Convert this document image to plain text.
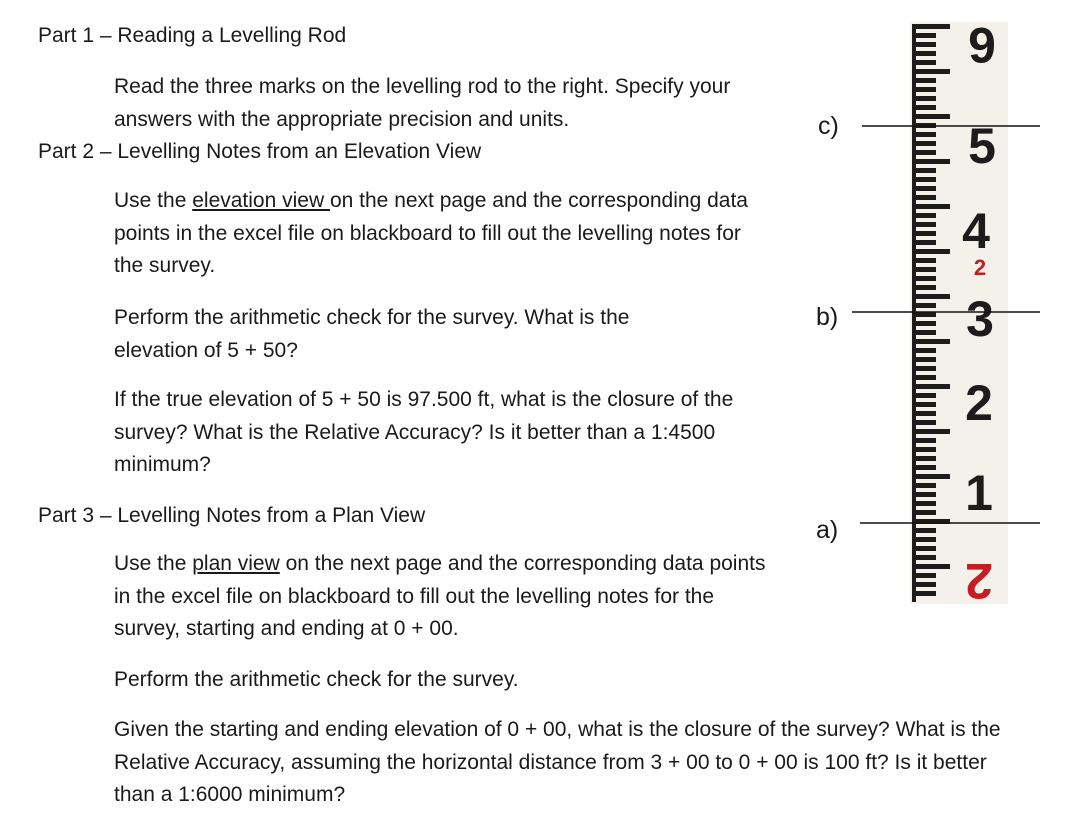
Part 1 – Reading a Levelling Rod
Read the three marks on the levelling rod to the right. Specify your answers with the appropriate precision and units.
Part 2 – Levelling Notes from an Elevation View
Use the elevation view on the next page and the corresponding data points in the excel file on blackboard to fill out the levelling notes for the survey.
Perform the arithmetic check for the survey. What is the elevation of 5 + 50?
If the true elevation of 5 + 50 is 97.500 ft, what is the closure of the survey? What is the Relative Accuracy? Is it better than a 1:4500 minimum?
Part 3 – Levelling Notes from a Plan View
Use the plan view on the next page and the corresponding data points in the excel file on blackboard to fill out the levelling notes for the survey, starting and ending at 0 + 00.
Perform the arithmetic check for the survey.
Given the starting and ending elevation of 0 + 00, what is the closure of the survey? What is the Relative Accuracy, assuming the horizontal distance from 3 + 00 to 0 + 00 is 100 ft? Is it better than a 1:6000 minimum?
6
5
4
2
3
2
1
2
c)
b)
a)
